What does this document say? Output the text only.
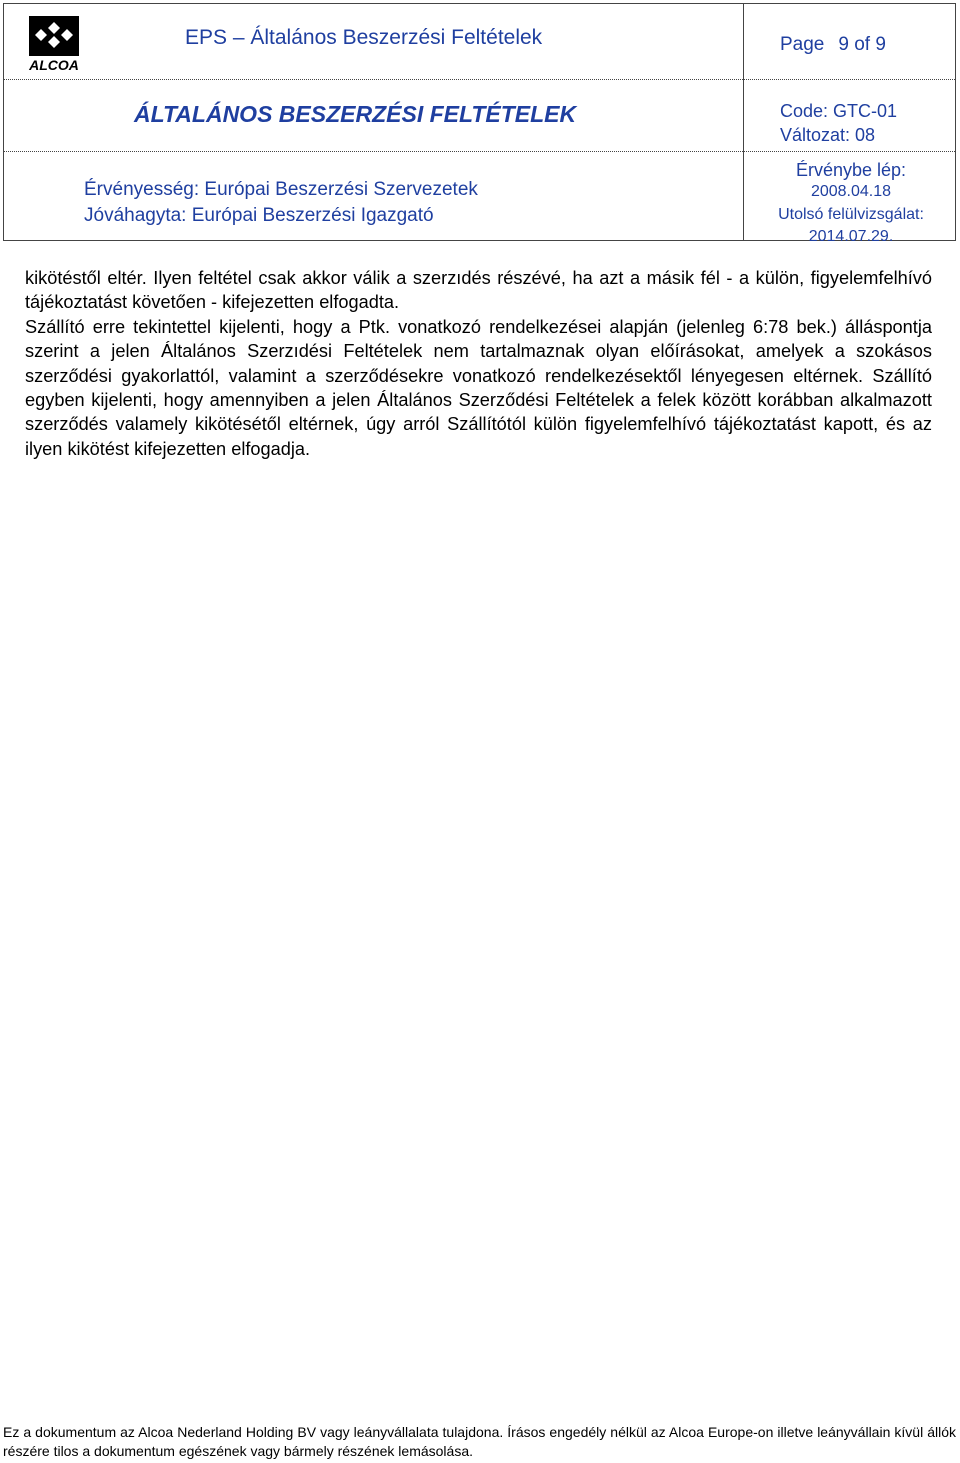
ALCOA
EPS – Általános Beszerzési Feltételek	Page 9 of 9
ÁLTALÁNOS BESZERZÉSI FELTÉTELEK	Code: GTC-01
Változat: 08
Érvényesség: Európai Beszerzési Szervezetek
Jóváhagyta: Európai Beszerzési Igazgató
Érvénybe lép:
2008.04.18
Utolsó felülvizsgálat:
2014.07.29.

kikötéstől eltér. Ilyen feltétel csak akkor válik a szerzıdés részévé, ha azt a másik fél - a külön, figyelemfelhívó tájékoztatást követően - kifejezetten elfogadta.

Szállító erre tekintettel kijelenti, hogy a Ptk. vonatkozó rendelkezései alapján (jelenleg 6:78 bek.) álláspontja szerint a jelen Általános Szerzıdési Feltételek nem tartalmaznak olyan előírásokat, amelyek a szokásos szerződési gyakorlattól, valamint a szerződésekre vonatkozó rendelkezésektől lényegesen eltérnek. Szállító egyben kijelenti, hogy amennyiben a jelen Általános Szerződési Feltételek a felek között korábban alkalmazott szerződés valamely kikötésétől eltérnek, úgy arról Szállítótól külön figyelemfelhívó tájékoztatást kapott, és az ilyen kikötést kifejezetten elfogadja.

Ez a dokumentum az Alcoa Nederland Holding BV vagy leányvállalata tulajdona. Írásos engedély nélkül az Alcoa Europe-on illetve leányvállain kívül állók részére tilos a dokumentum egészének vagy bármely részének lemásolása.
